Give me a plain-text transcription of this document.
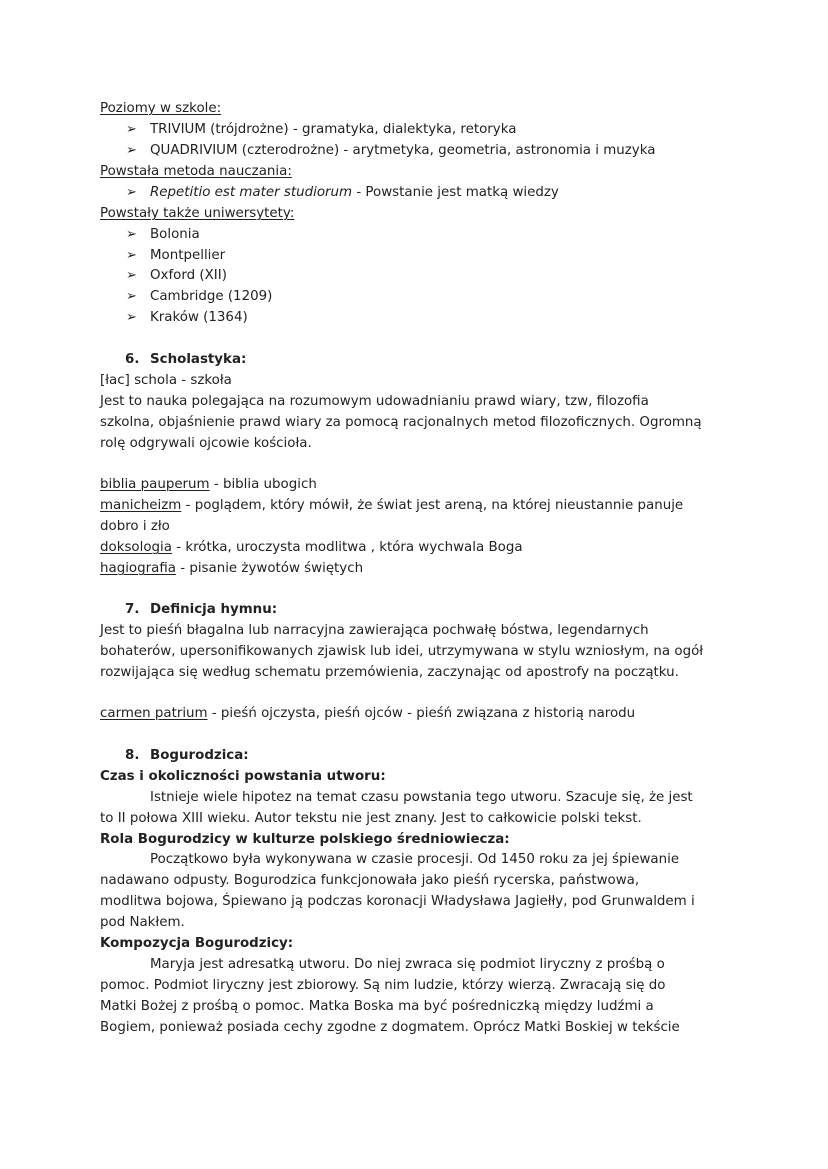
Poziomy w szkole:
➢ TRIVIUM (trójdrożne) - gramatyka, dialektyka, retoryka
➢ QUADRIVIUM (czterodrożne) - arytmetyka, geometria, astronomia i muzyka
Powstała metoda nauczania:
➢ Repetitio est mater studiorum - Powstanie jest matką wiedzy
Powstały także uniwersytety:
➢ Bolonia
➢ Montpellier
➢ Oxford (XII)
➢ Cambridge (1209)
➢ Kraków (1364)
6. Scholastyka:
[łac] schola - szkoła
Jest to nauka polegająca na rozumowym udowadnianiu prawd wiary, tzw, filozofia
szkolna, objaśnienie prawd wiary za pomocą racjonalnych metod filozoficznych. Ogromną
rolę odgrywali ojcowie kościoła.
biblia pauperum - biblia ubogich
manicheizm - poglądem, który mówił, że świat jest areną, na której nieustannie panuje
dobro i zło
doksologia - krótka, uroczysta modlitwa , która wychwala Boga
hagiografia - pisanie żywotów świętych
7. Definicja hymnu:
Jest to pieśń błagalna lub narracyjna zawierająca pochwałę bóstwa, legendarnych
bohaterów, upersonifikowanych zjawisk lub idei, utrzymywana w stylu wzniosłym, na ogół
rozwijająca się według schematu przemówienia, zaczynając od apostrofy na początku.
carmen patrium - pieśń ojczysta, pieśń ojców - pieśń związana z historią narodu
8. Bogurodzica:
Czas i okoliczności powstania utworu:
Istnieje wiele hipotez na temat czasu powstania tego utworu. Szacuje się, że jest
to II połowa XIII wieku. Autor tekstu nie jest znany. Jest to całkowicie polski tekst.
Rola Bogurodzicy w kulturze polskiego średniowiecza:
Początkowo była wykonywana w czasie procesji. Od 1450 roku za jej śpiewanie
nadawano odpusty. Bogurodzica funkcjonowała jako pieśń rycerska, państwowa,
modlitwa bojowa, Śpiewano ją podczas koronacji Władysława Jagiełły, pod Grunwaldem i
pod Nakłem.
Kompozycja Bogurodzicy:
Maryja jest adresatką utworu. Do niej zwraca się podmiot liryczny z prośbą o
pomoc. Podmiot liryczny jest zbiorowy. Są nim ludzie, którzy wierzą. Zwracają się do
Matki Bożej z prośbą o pomoc. Matka Boska ma być pośredniczką między ludźmi a
Bogiem, ponieważ posiada cechy zgodne z dogmatem. Oprócz Matki Boskiej w tekście
